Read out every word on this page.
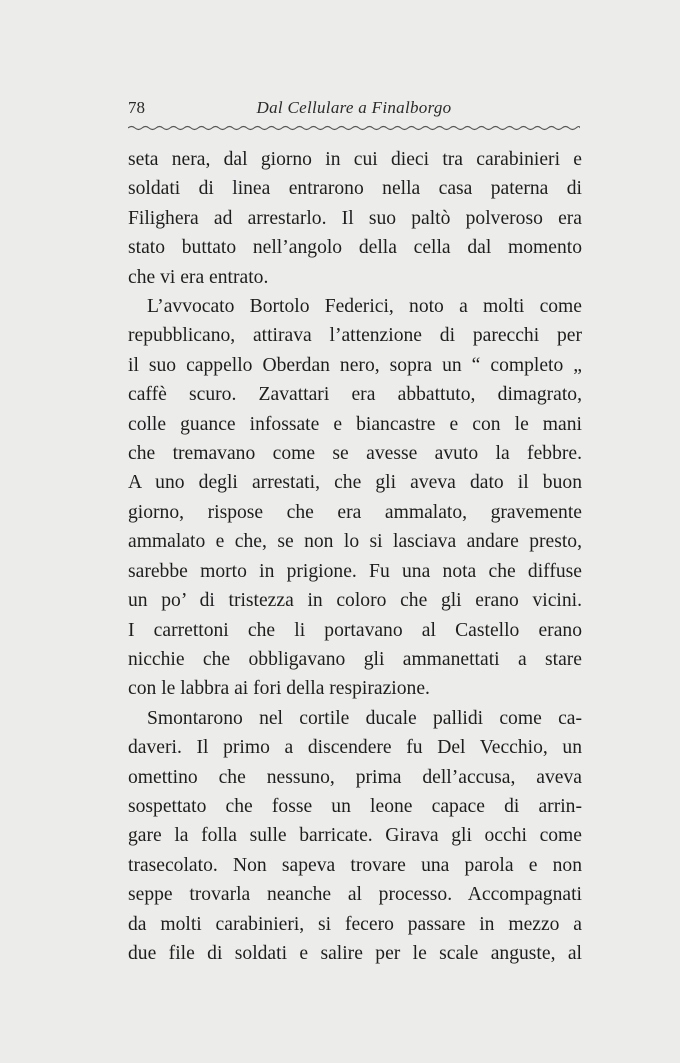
78	Dal Cellulare a Finalborgo

seta nera, dal giorno in cui dieci tra carabinieri e
soldati di linea entrarono nella casa paterna di
Filighera ad arrestarlo. Il suo paltò polveroso era
stato buttato nell’angolo della cella dal momento
che vi era entrato.

L’avvocato Bortolo Federici, noto a molti come
repubblicano, attirava l’attenzione di parecchi per
il suo cappello Oberdan nero, sopra un “ completo „
caffè scuro. Zavattari era abbattuto, dimagrato,
colle guance infossate e biancastre e con le mani
che tremavano come se avesse avuto la febbre.
A uno degli arrestati, che gli aveva dato il buon
giorno, rispose che era ammalato, gravemente
ammalato e che, se non lo si lasciava andare presto,
sarebbe morto in prigione. Fu una nota che diffuse
un po’ di tristezza in coloro che gli erano vicini.
I carrettoni che li portavano al Castello erano
nicchie che obbligavano gli ammanettati a stare
con le labbra ai fori della respirazione.

Smontarono nel cortile ducale pallidi come ca-
daveri. Il primo a discendere fu Del Vecchio, un
omettino che nessuno, prima dell’accusa, aveva
sospettato che fosse un leone capace di arrin-
gare la folla sulle barricate. Girava gli occhi come
trasecolato. Non sapeva trovare una parola e non
seppe trovarla neanche al processo. Accompagnati
da molti carabinieri, si fecero passare in mezzo a
due file di soldati e salire per le scale anguste, al
